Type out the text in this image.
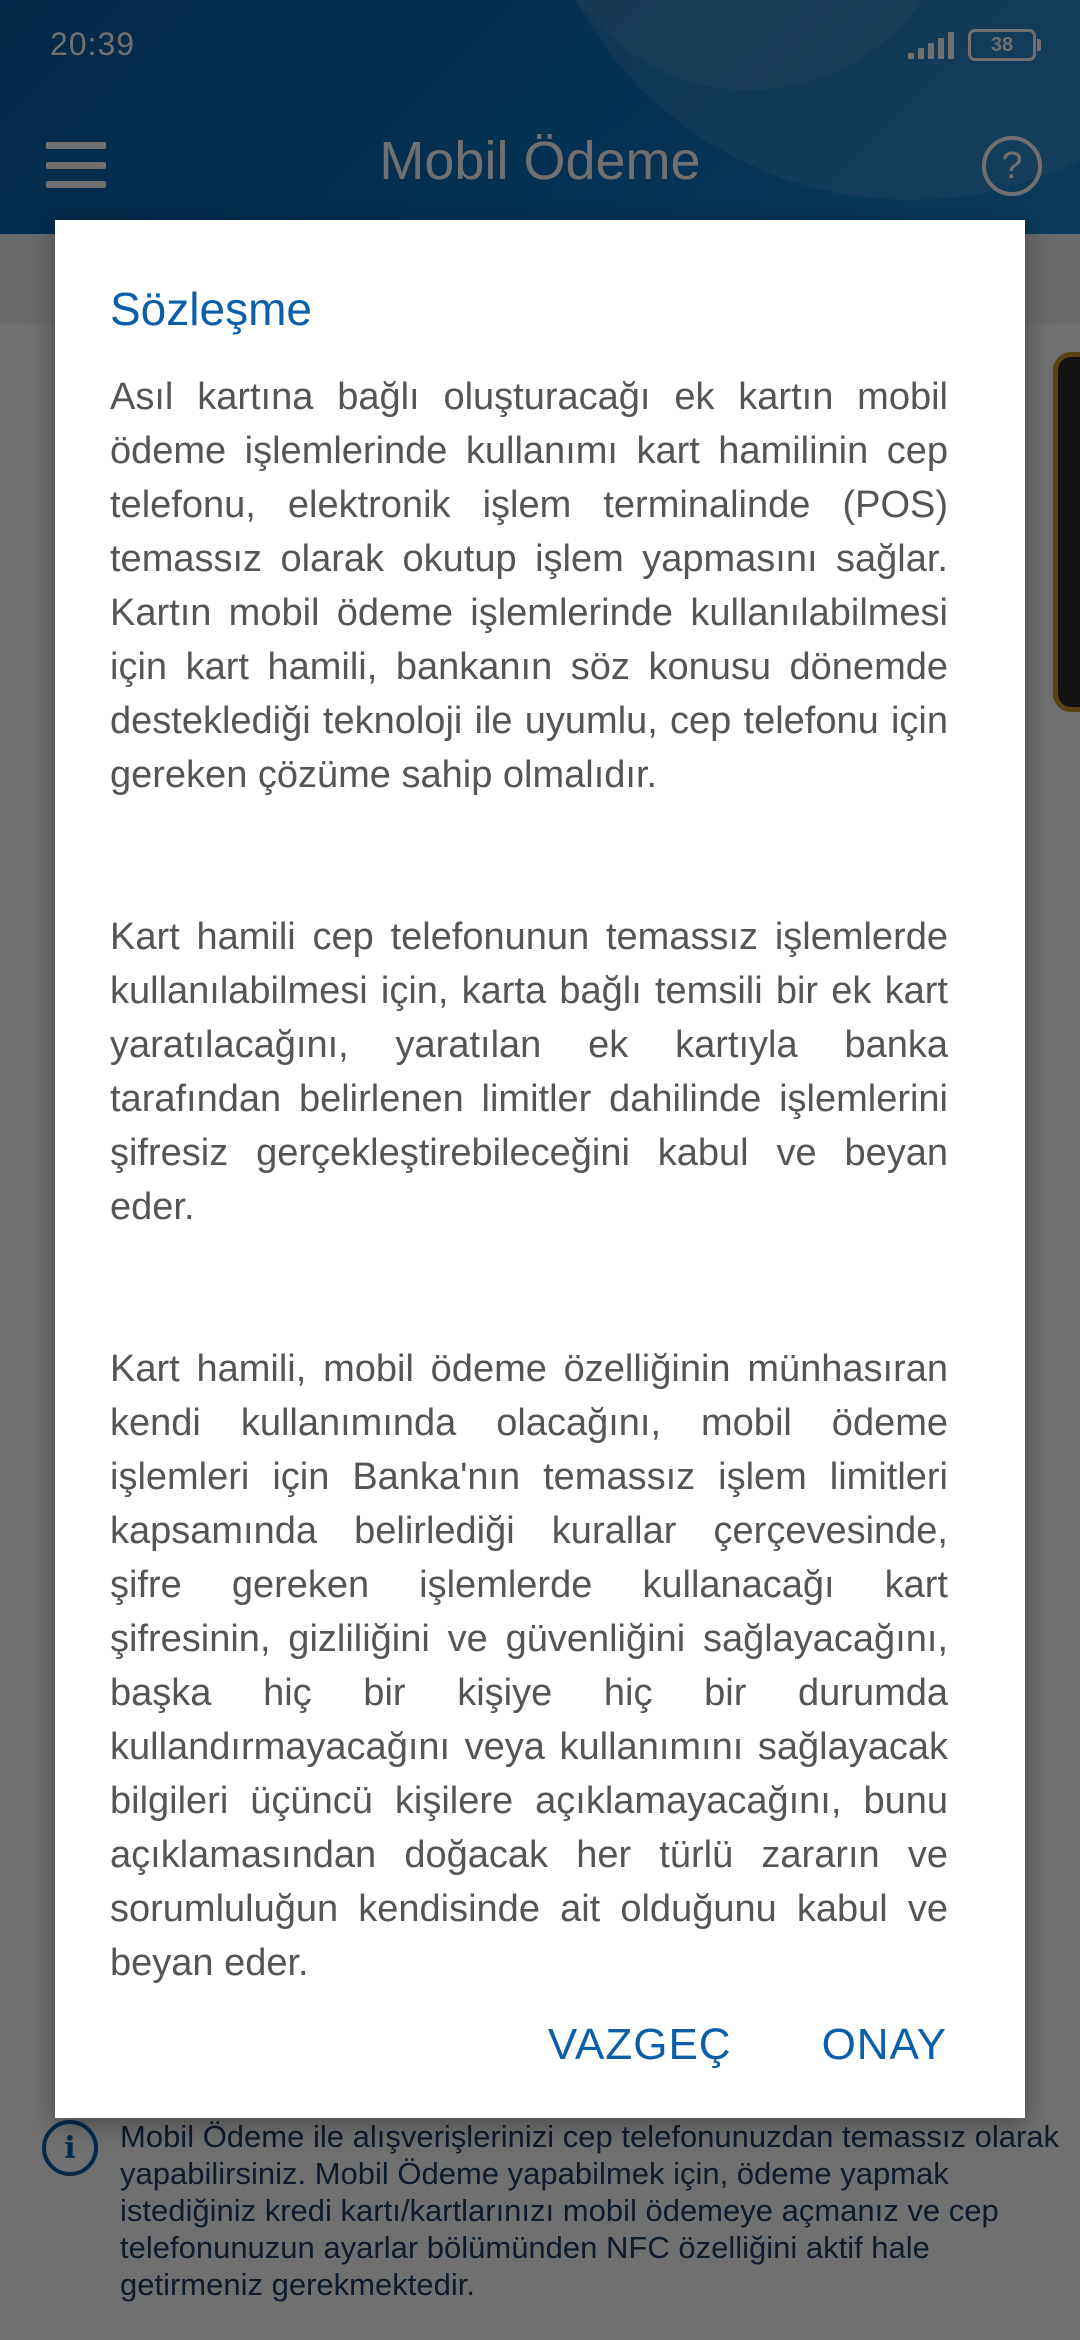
Sözleşme

Asıl kartına bağlı oluşturacağı ek kartın mobil ödeme işlemlerinde kullanımı kart hamilinin cep telefonu, elektronik işlem terminalinde (POS) temassız olarak okutup işlem yapmasını sağlar. Kartın mobil ödeme işlemlerinde kullanılabilmesi için kart hamili, bankanın söz konusu dönemde desteklediği teknoloji ile uyumlu, cep telefonu için gereken çözüme sahip olmalıdır.

Kart hamili cep telefonunun temassız işlemlerde kullanılabilmesi için, karta bağlı temsili bir ek kart yaratılacağını, yaratılan ek kartıyla banka tarafından belirlenen limitler dahilinde işlemlerini şifresiz gerçekleştirebileceğini kabul ve beyan eder.

Kart hamili, mobil ödeme özelliğinin münhasıran kendi kullanımında olacağını, mobil ödeme işlemleri için Banka'nın temassız işlem limitleri kapsamında belirlediği kurallar çerçevesinde, şifre gereken işlemlerde kullanacağı kart şifresinin, gizliliğini ve güvenliğini sağlayacağını, başka hiç bir kişiye hiç bir durumda kullandırmayacağını veya kullanımını sağlayacak bilgileri üçüncü kişilere açıklamayacağını, bunu açıklamasından doğacak her türlü zararın ve sorumluluğun kendisinde ait olduğunu kabul ve beyan eder.

VAZGEÇ ONAY
